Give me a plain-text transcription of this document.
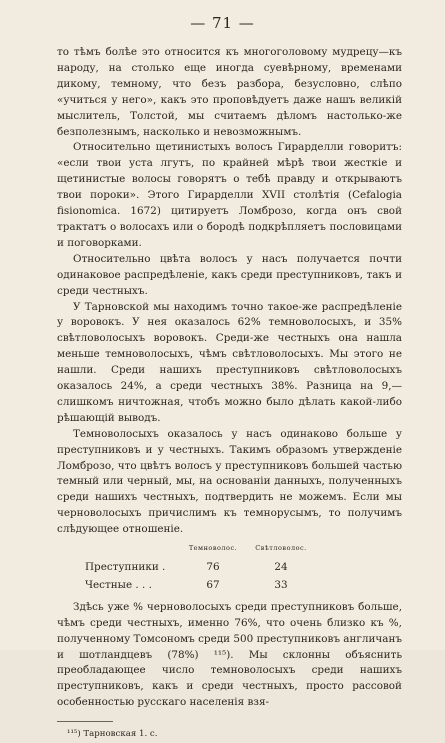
— 71 —

то тѣмъ болѣе это относится къ многоголовому мудрецу—къ народу, на столько еще иногда суевѣрному, временами дикому, темному, что безъ разбора, безусловно, слѣпо «учиться у него», какъ это проповѣдуетъ даже нашъ великій мыслитель, Толстой, мы считаемъ дѣломъ настолько-же безполезнымъ, насколько и невозможнымъ.

Относительно щетинистыхъ волосъ Гирарделли говоритъ: «если твои уста лгутъ, по крайней мѣрѣ твои жесткіе и щетинистые волосы говорятъ о тебѣ правду и открываютъ твои пороки». Этого Гирарделли XVII столѣтія (Cefalogia fisionomica. 1672) цитируетъ Ломброзо, когда онъ свой трактатъ о волосахъ или о бородѣ подкрѣпляетъ пословицами и поговорками.

Относительно цвѣта волосъ у насъ получается почти одинаковое распредѣленіе, какъ среди преступниковъ, такъ и среди честныхъ.

У Тарновской мы находимъ точно такое-же распредѣленіе у воровокъ. У нея оказалось 62% темноволосыхъ, и 35% свѣтловолосыхъ воровокъ. Среди-же честныхъ она нашла меньше темноволосыхъ, чѣмъ свѣтловолосыхъ. Мы этого не нашли. Среди нашихъ преступниковъ свѣтловолосыхъ оказалось 24%, а среди честныхъ 38%. Разница на 9,—слишкомъ ничтожная, чтобъ можно было дѣлать какой-либо рѣшающій выводъ.

Темноволосыхъ оказалось у насъ одинаково больше у преступниковъ и у честныхъ. Такимъ образомъ утвержденіе Ломброзо, что цвѣтъ волосъ у преступниковъ большей частью темный или черный, мы, на основаніи данныхъ, полученныхъ среди нашихъ честныхъ, подтвердить не можемъ. Если мы черноволосыхъ причислимъ къ темнорусымъ, то получимъ слѣдующее отношеніе.

	Темноволос.	Свѣтловолос.
Преступники .	76	24
Честные . . .	67	33

Здѣсь уже % черноволосыхъ среди преступниковъ больше, чѣмъ среди честныхъ, именно 76%, что очень близко къ %, полученному Томсономъ среди 500 преступниковъ англичанъ и шотландцевъ (78%) ¹¹⁵). Мы склонны объяснить преобладающее число темноволосыхъ среди нашихъ преступниковъ, какъ и среди честныхъ, просто рассовой особенностью русскаго населенія взя-

¹¹⁵) Тарновская 1. с.
